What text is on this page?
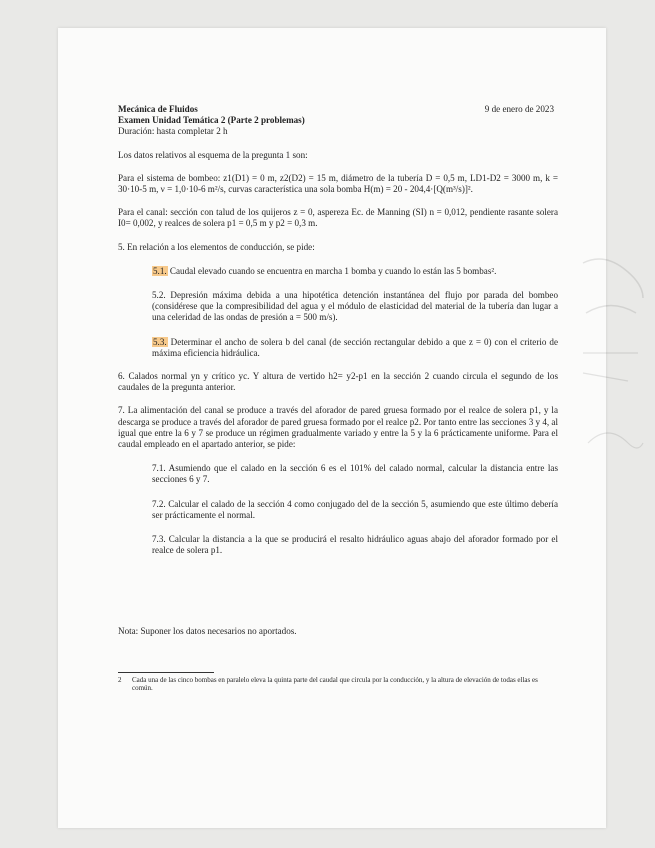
Mecánica de Fluidos	9 de enero de 2023

Examen Unidad Temática 2 (Parte 2 problemas)

Duración: hasta completar 2 h

Los datos relativos al esquema de la pregunta 1 son:

Para el sistema de bombeo: z1(D1) = 0 m, z2(D2) = 15 m, diámetro de la tubería D = 0,5 m, LD1-D2 = 3000 m, k = 30·10-5 m, ν = 1,0·10-6 m²/s, curvas característica una sola bomba H(m) = 20 - 204,4·[Q(m³/s)]².

Para el canal: sección con talud de los quijeros z = 0, aspereza Ec. de Manning (SI) n = 0,012, pendiente rasante solera I0= 0,002, y realces de solera p1 = 0,5 m y p2 = 0,3 m.

5. En relación a los elementos de conducción, se pide:

5.1. Caudal elevado cuando se encuentra en marcha 1 bomba y cuando lo están las 5 bombas².

5.2. Depresión máxima debida a una hipotética detención instantánea del flujo por parada del bombeo (considérese que la compresibilidad del agua y el módulo de elasticidad del material de la tubería dan lugar a una celeridad de las ondas de presión a = 500 m/s).

5.3. Determinar el ancho de solera b del canal (de sección rectangular debido a que z = 0) con el criterio de máxima eficiencia hidráulica.

6. Calados normal yn y crítico yc. Y altura de vertido h2= y2-p1 en la sección 2 cuando circula el segundo de los caudales de la pregunta anterior.

7. La alimentación del canal se produce a través del aforador de pared gruesa formado por el realce de solera p1, y la descarga se produce a través del aforador de pared gruesa formado por el realce p2. Por tanto entre las secciones 3 y 4, al igual que entre la 6 y 7 se produce un régimen gradualmente variado y entre la 5 y la 6 prácticamente uniforme. Para el caudal empleado en el apartado anterior, se pide:

7.1. Asumiendo que el calado en la sección 6 es el 101% del calado normal, calcular la distancia entre las secciones 6 y 7.

7.2. Calcular el calado de la sección 4 como conjugado del de la sección 5, asumiendo que este último debería ser prácticamente el normal.

7.3. Calcular la distancia a la que se producirá el resalto hidráulico aguas abajo del aforador formado por el realce de solera p1.

Nota: Suponer los datos necesarios no aportados.

2	Cada una de las cinco bombas en paralelo eleva la quinta parte del caudal que circula por la conducción, y la altura de elevación de todas ellas es común.
